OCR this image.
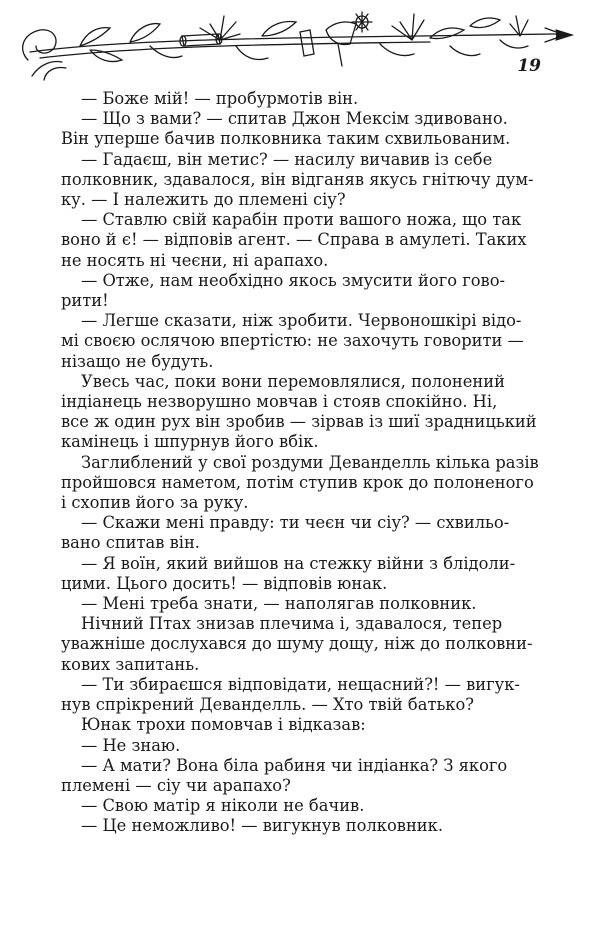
19

— Боже мій! — пробурмотів він.

— Що з вами? — спитав Джон Мексім здивовано.
Він уперше бачив полковника таким схвильованим.

— Гадаєш, він метис? — насилу вичавив із себе
полковник, здавалося, він відганяв якусь гнітючу дум-
ку. — І належить до племені сіу?

— Ставлю свій карабін проти вашого ножа, що так
воно й є! — відповів агент. — Справа в амулеті. Таких
не носять ні чеєни, ні арапахо.

— Отже, нам необхідно якось змусити його гово-
рити!

— Легше сказати, ніж зробити. Червоношкірі відо-
мі своєю ослячою впертістю: не захочуть говорити —
нізащо не будуть.

Увесь час, поки вони перемовлялися, полонений
індіанець незворушно мовчав і стояв спокійно. Ні,
все ж один рух він зробив — зірвав із шиї зрадницький
камінець і шпурнув його вбік.

Заглиблений у свої роздуми Деванделль кілька разів
пройшовся наметом, потім ступив крок до полоненого
і схопив його за руку.

— Скажи мені правду: ти чеєн чи сіу? — схвильо-
вано спитав він.

— Я воїн, який вийшов на стежку війни з блідоли-
цими. Цього досить! — відповів юнак.

— Мені треба знати, — наполягав полковник.

Нічний Птах знизав плечима і, здавалося, тепер
уважніше дослухався до шуму дощу, ніж до полковни-
кових запитань.

— Ти збираєшся відповідати, нещасний?! — вигук-
нув спрікрений Деванделль. — Хто твій батько?

Юнак трохи помовчав і відказав:

— Не знаю.

— А мати? Вона біла рабиня чи індіанка? З якого
племені — сіу чи арапахо?

— Свою матір я ніколи не бачив.

— Це неможливо! — вигукнув полковник.
